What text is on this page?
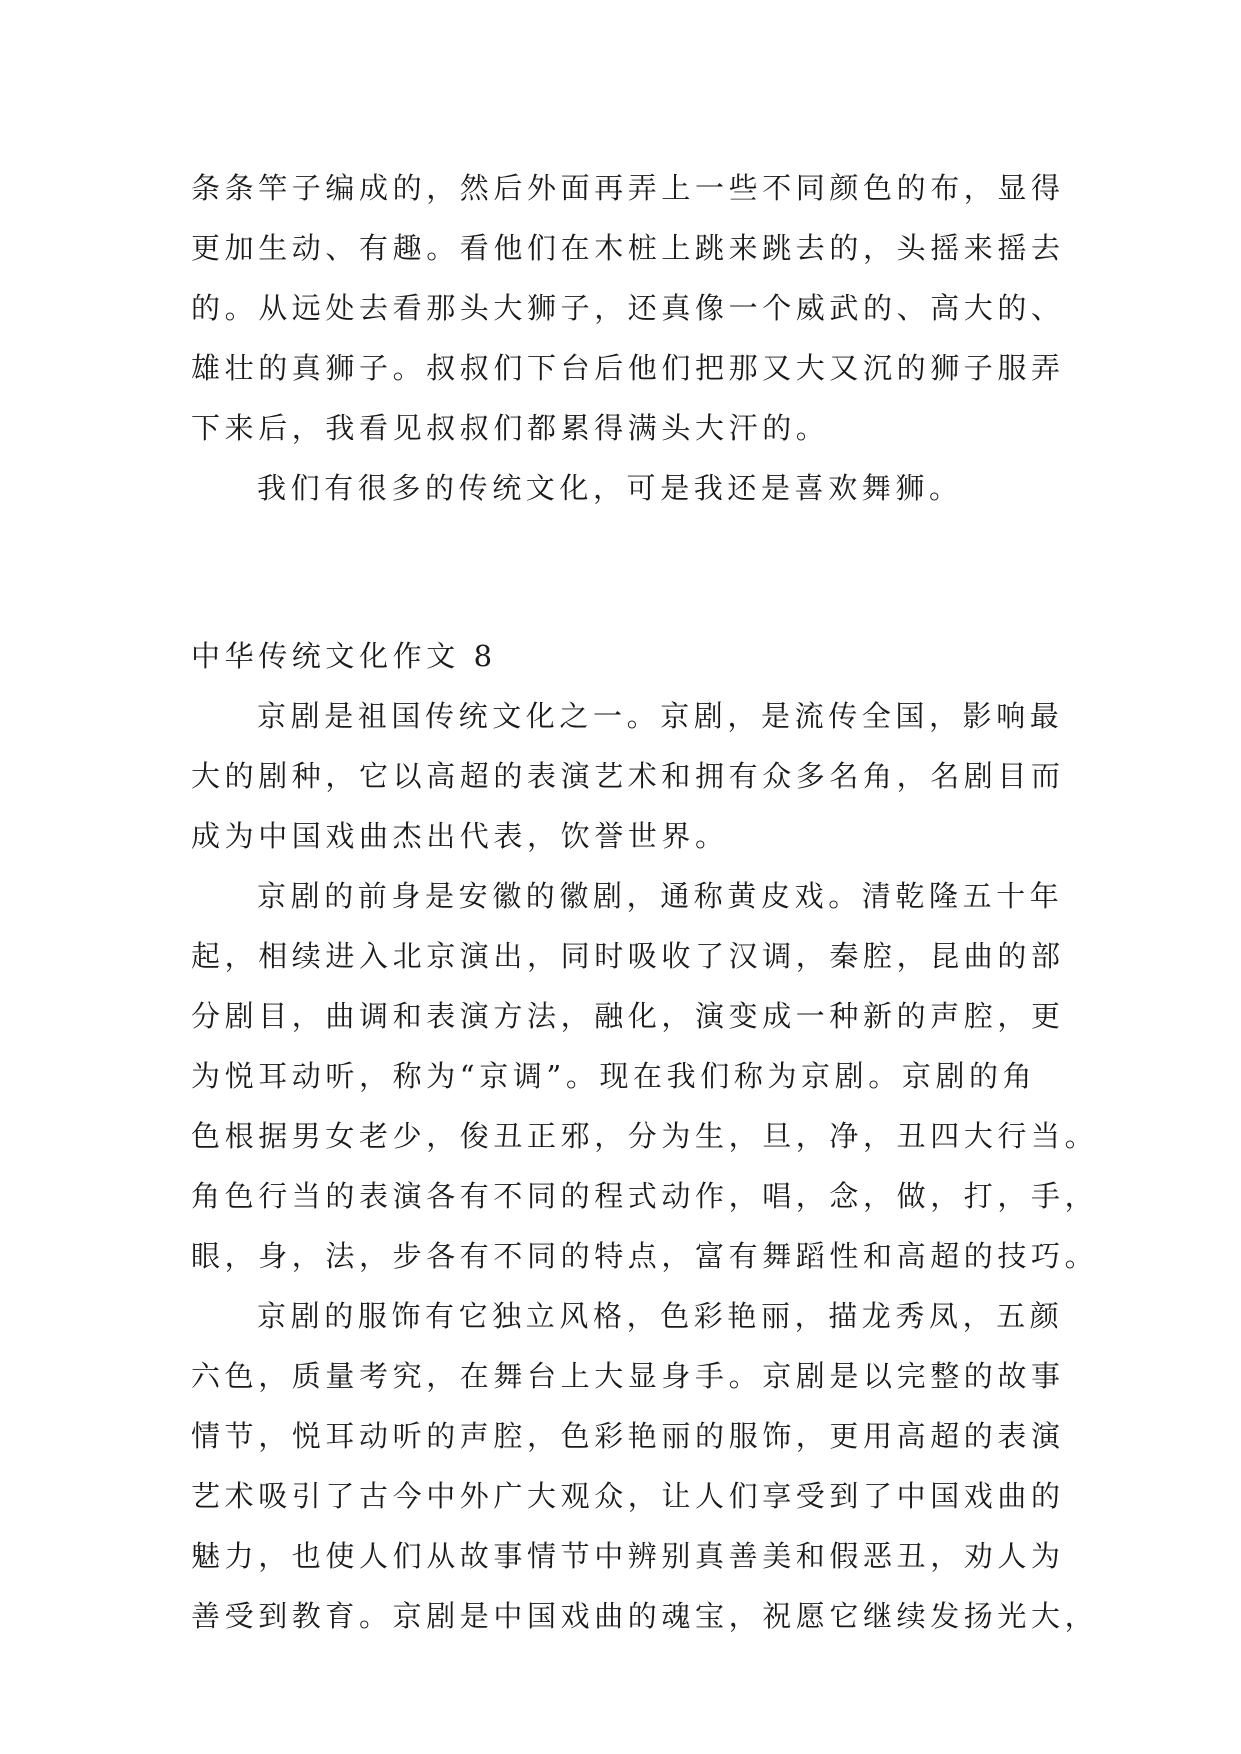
条条竿子编成的，然后外面再弄上一些不同颜色的布，显得
更加生动、有趣。看他们在木桩上跳来跳去的，头摇来摇去
的。从远处去看那头大狮子，还真像一个威武的、高大的、
雄壮的真狮子。叔叔们下台后他们把那又大又沉的狮子服弄
下来后，我看见叔叔们都累得满头大汗的。
我们有很多的传统文化，可是我还是喜欢舞狮。
中华传统文化作文 8
京剧是祖国传统文化之一。京剧，是流传全国，影响最
大的剧种，它以高超的表演艺术和拥有众多名角，名剧目而
成为中国戏曲杰出代表，饮誉世界。
京剧的前身是安徽的徽剧，通称黄皮戏。清乾隆五十年
起，相续进入北京演出，同时吸收了汉调，秦腔，昆曲的部
分剧目，曲调和表演方法，融化，演变成一种新的声腔，更
为悦耳动听，称为“京调”。现在我们称为京剧。京剧的角
色根据男女老少，俊丑正邪，分为生，旦，净，丑四大行当。
角色行当的表演各有不同的程式动作，唱，念，做，打，手，
眼，身，法，步各有不同的特点，富有舞蹈性和高超的技巧。
京剧的服饰有它独立风格，色彩艳丽，描龙秀凤，五颜
六色，质量考究，在舞台上大显身手。京剧是以完整的故事
情节，悦耳动听的声腔，色彩艳丽的服饰，更用高超的表演
艺术吸引了古今中外广大观众，让人们享受到了中国戏曲的
魅力，也使人们从故事情节中辨别真善美和假恶丑，劝人为
善受到教育。京剧是中国戏曲的魂宝，祝愿它继续发扬光大，
